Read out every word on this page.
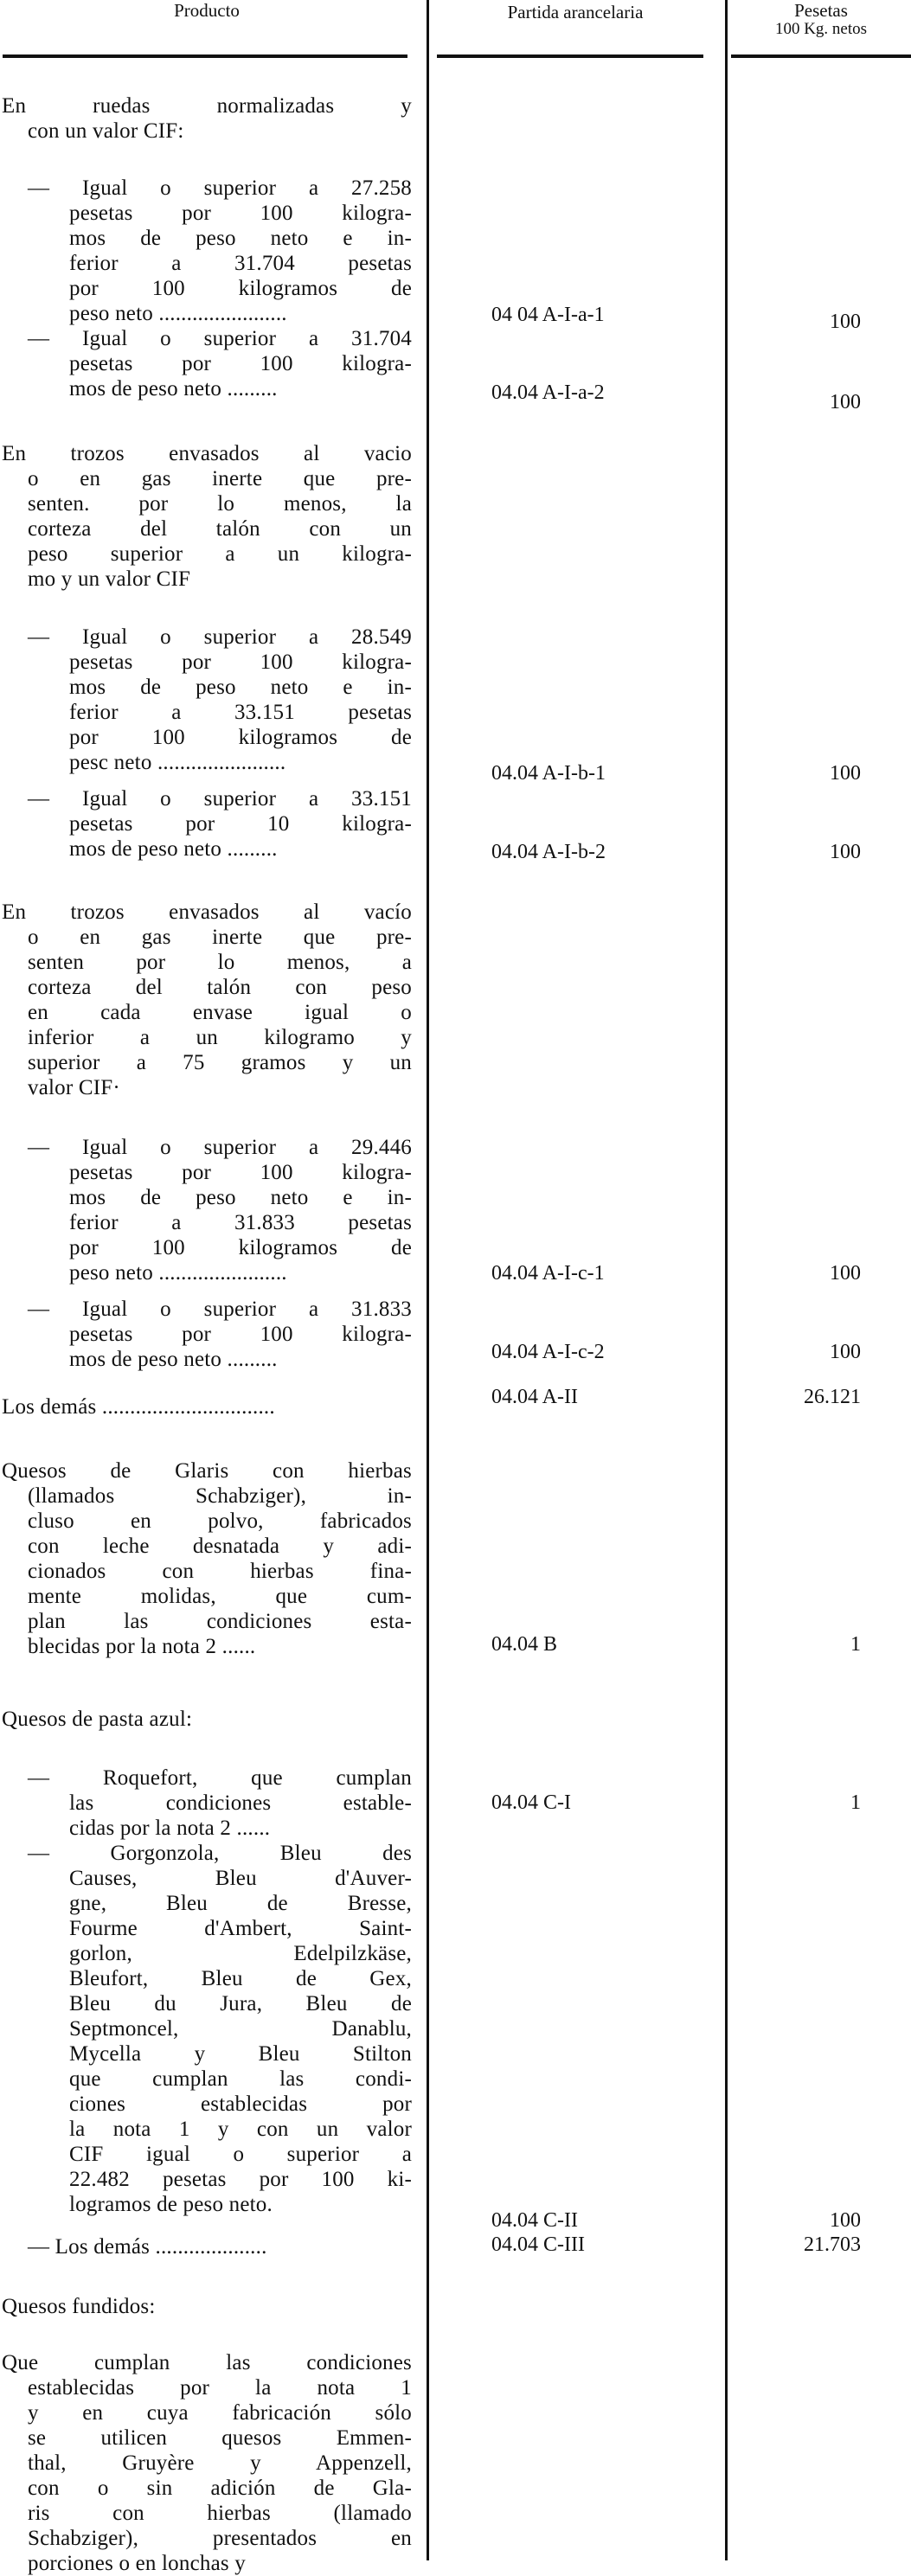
Producto	Partida arancelaria	Pesetas
100 Kg. netos
En ruedas normalizadas y
con un valor CIF:
— Igual o superior a 27.258
pesetas por 100 kilogra-
mos de peso neto e in-
ferior a 31.704 pesetas
por 100 kilogramos de
peso neto .......................	04 04 A-I-a-1	100
— Igual o superior a 31.704
pesetas por 100 kilogra-
mos de peso neto .........	04.04 A-I-a-2	100
En trozos envasados al vacio
o en gas inerte que pre-
senten. por lo menos, la
corteza del talón con un
peso superior a un kilogra-
mo y un valor CIF
— Igual o superior a 28.549
pesetas por 100 kilogra-
mos de peso neto e in-
ferior a 33.151 pesetas
por 100 kilogramos de
pesc neto .......................	04.04 A-I-b-1	100
— Igual o superior a 33.151
pesetas por 10 kilogra-
mos de peso neto .........	04.04 A-I-b-2	100
En trozos envasados al vacío
o en gas inerte que pre-
senten por lo menos, a
corteza del talón con peso
en cada envase igual o
inferior a un kilogramo y
superior a 75 gramos y un
valor CIF·
— Igual o superior a 29.446
pesetas por 100 kilogra-
mos de peso neto e in-
ferior a 31.833 pesetas
por 100 kilogramos de
peso neto .......................	04.04 A-I-c-1	100
— Igual o superior a 31.833
pesetas por 100 kilogra-
mos de peso neto .........	04.04 A-I-c-2	100
Los demás ...............................	04.04 A-II	26.121
Quesos de Glaris con hierbas
(llamados Schabziger), in-
cluso en polvo, fabricados
con leche desnatada y adi-
cionados con hierbas fina-
mente molidas, que cum-
plan las condiciones esta-
blecidas por la nota 2 ......	04.04 B	1
Quesos de pasta azul:
— Roquefort, que cumplan
las condiciones estable-
cidas por la nota 2 ......
04.04 C-I	1
— Gorgonzola, Bleu des
Causes, Bleu d'Auver-
gne, Bleu de Bresse,
Fourme d'Ambert, Saint-
gorlon, Edelpilzkäse,
Bleufort, Bleu de Gex,
Bleu du Jura, Bleu de
Septmoncel, Danablu,
Mycella y Bleu Stilton
que cumplan las condi-
ciones establecidas por
la nota 1 y con un valor
CIF igual o superior a
22.482 pesetas por 100 ki-
logramos de peso neto.
04.04 C-II	100
— Los demás ....................	04.04 C-III	21.703
Quesos fundidos:
Que cumplan las condiciones
establecidas por la nota 1
y en cuya fabricación sólo
se utilicen quesos Emmen-
thal, Gruyère y Appenzell,
con o sin adición de Gla-
ris con hierbas (llamado
Schabziger), presentados en
porciones o en lonchas y
